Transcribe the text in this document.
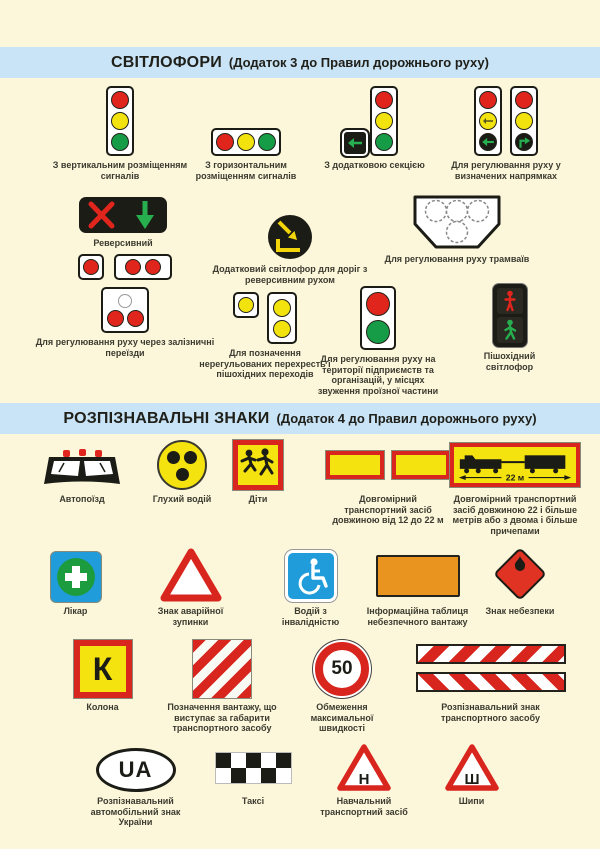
СВІТЛОФОРИ (Додаток 3 до Правил дорожнього руху)
З вертикальним розміщенням сигналів
З горизонтальним розміщенням сигналів
З додатковою секцією	Для регулювання руху у визначених напрямках
Реверсивний
Додатковий світлофор для доріг з реверсивним рухом
Для регулювання руху трамваїв
Для регулювання руху через залізничні переїзди	Для позначення нерегульованих перехресть і пішохідних переходів
Для регулювання руху на території підприємств та організацій, у місцях звуження проїзної частини
Пішохідний світлофор
РОЗПІЗНАВАЛЬНІ ЗНАКИ (Додаток 4 до Правил дорожнього руху)
Автопоїзд	Глухий водій	Діти	Довгомірний транспортний засіб довжиною від 12 до 22 м
22 м
Довгомірний транспортний засіб довжиною 22 і більше метрів або з двома і більше причепами
Лікар	Знак аварійної зупинки
Водій з інвалідністю
Інформаційна таблиця небезпечного вантажу
Знак небезпеки
К
Колона	Позначення вантажу, що виступає за габарити транспортного засобу
50
Обмеження максимальної швидкості
Розпізнавальний знак транспортного засобу
UA
Розпізнавальний автомобільний знак України
Таксі
Н
Навчальний транспортний засіб
Ш
Шипи
